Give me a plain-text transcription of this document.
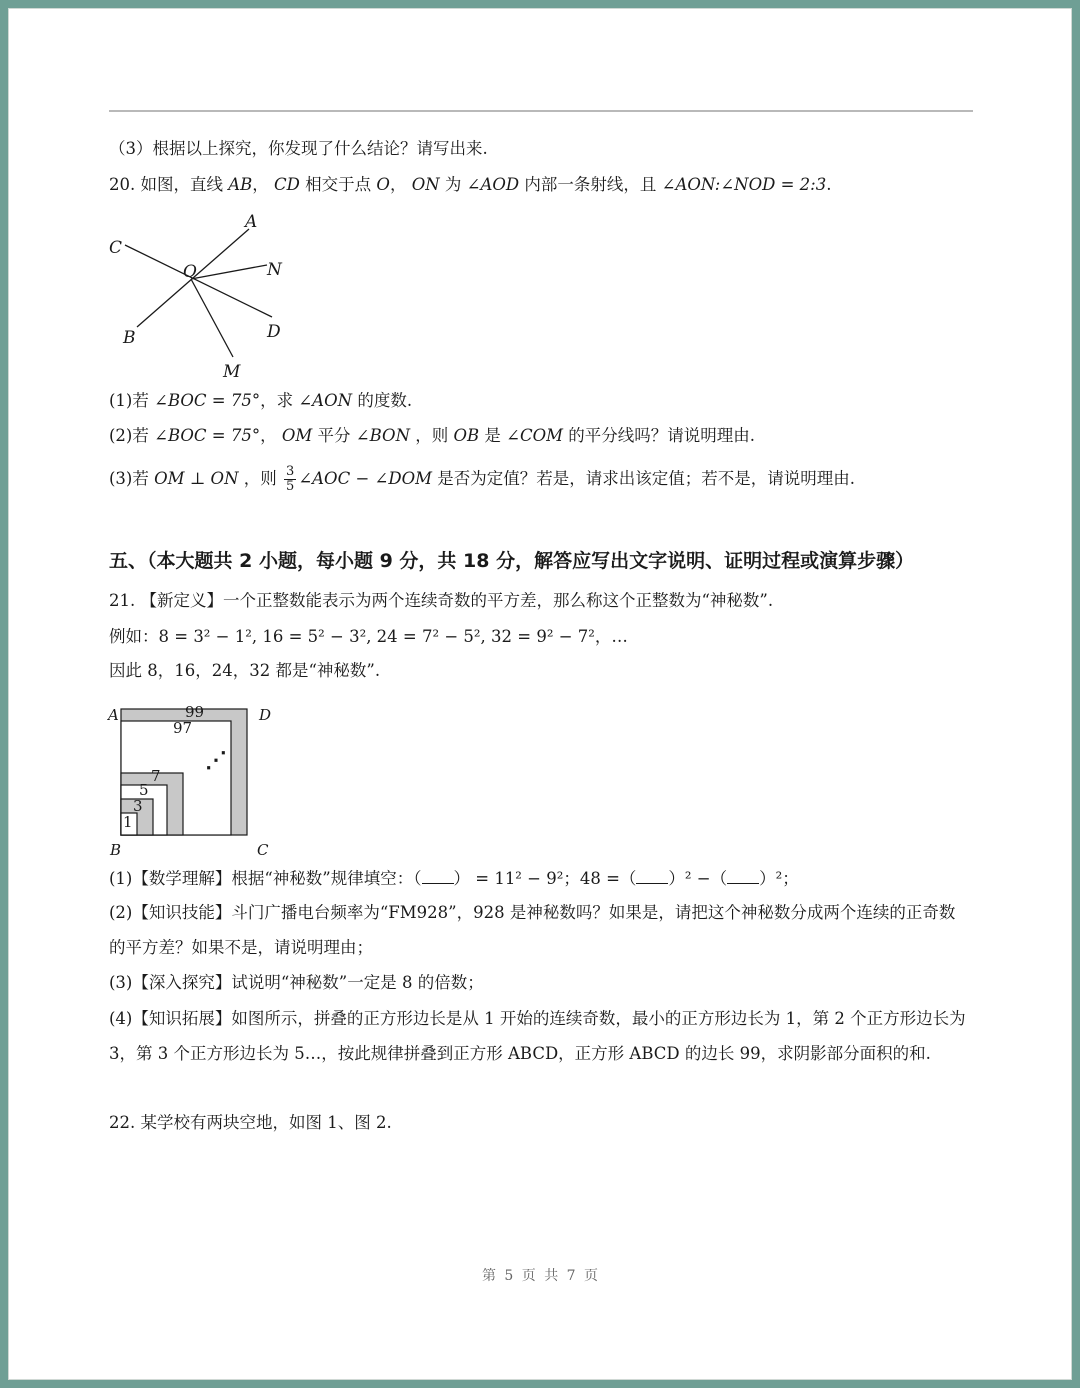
（3）根据以上探究，你发现了什么结论？请写出来.
20. 如图，直线 AB， CD 相交于点 O， ON 为 ∠AOD 内部一条射线，且 ∠AON:∠NOD = 2:3.
C
A
O	N
B	D
M
(1)若 ∠BOC = 75°，求 ∠AON 的度数.
(2)若 ∠BOC = 75°， OM 平分 ∠BON ，则 OB 是 ∠COM 的平分线吗？请说明理由.
(3)若 OM ⊥ ON ，则 $\frac{3}{5}$ ∠AOC − ∠DOM 是否为定值？若是，请求出该定值；若不是，请说明理由.
五、（本大题共 2 小题，每小题 9 分，共 18 分，解答应写出文字说明、证明过程或演算步骤）
21. 【新定义】一个正整数能表示为两个连续奇数的平方差，那么称这个正整数为“神秘数”.
例如：8 = 3² − 1², 16 = 5² − 3², 24 = 7² − 5², 32 = 9² − 7²，…
因此 8，16，24，32 都是“神秘数”.
A	D
B	C
99
97
7
5
3
1
⋰
(1)【数学理解】根据“神秘数”规律填空：（ ） = 11² − 9²；48 =（ ）² −（ ）²；
(2)【知识技能】斗门广播电台频率为“FM928”，928 是神秘数吗？如果是，请把这个神秘数分成两个连续的正奇数的平方差？如果不是，请说明理由；
(3)【深入探究】试说明“神秘数”一定是 8 的倍数；
(4)【知识拓展】如图所示，拼叠的正方形边长是从 1 开始的连续奇数，最小的正方形边长为 1，第 2 个正方形边长为 3，第 3 个正方形边长为 5…，按此规律拼叠到正方形 ABCD，正方形 ABCD 的边长 99，求阴影部分面积的和.
22. 某学校有两块空地，如图 1、图 2.
第 5 页 共 7 页
